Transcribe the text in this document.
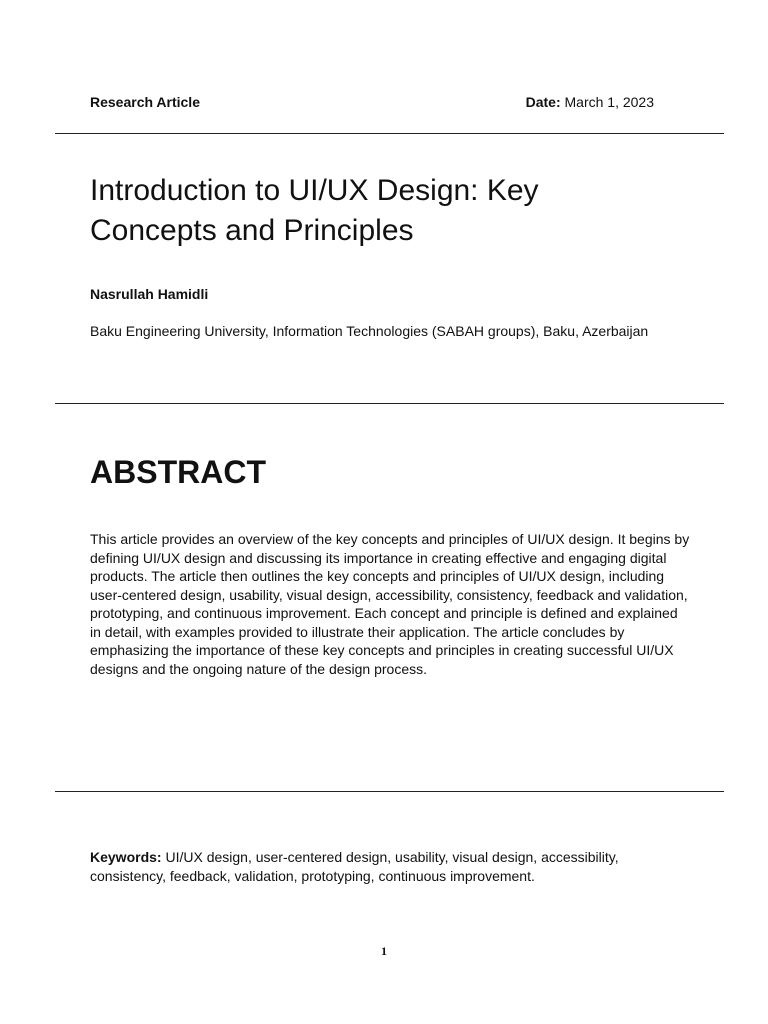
Research Article	Date: March 1, 2023
Introduction to UI/UX Design: Key Concepts and Principles
Nasrullah Hamidli
Baku Engineering University, Information Technologies (SABAH groups), Baku, Azerbaijan
ABSTRACT

This article provides an overview of the key concepts and principles of UI/UX design. It begins by defining UI/UX design and discussing its importance in creating effective and engaging digital products. The article then outlines the key concepts and principles of UI/UX design, including user-centered design, usability, visual design, accessibility, consistency, feedback and validation, prototyping, and continuous improvement. Each concept and principle is defined and explained in detail, with examples provided to illustrate their application. The article concludes by emphasizing the importance of these key concepts and principles in creating successful UI/UX designs and the ongoing nature of the design process.

Keywords: UI/UX design, user-centered design, usability, visual design, accessibility, consistency, feedback, validation, prototyping, continuous improvement.

1
